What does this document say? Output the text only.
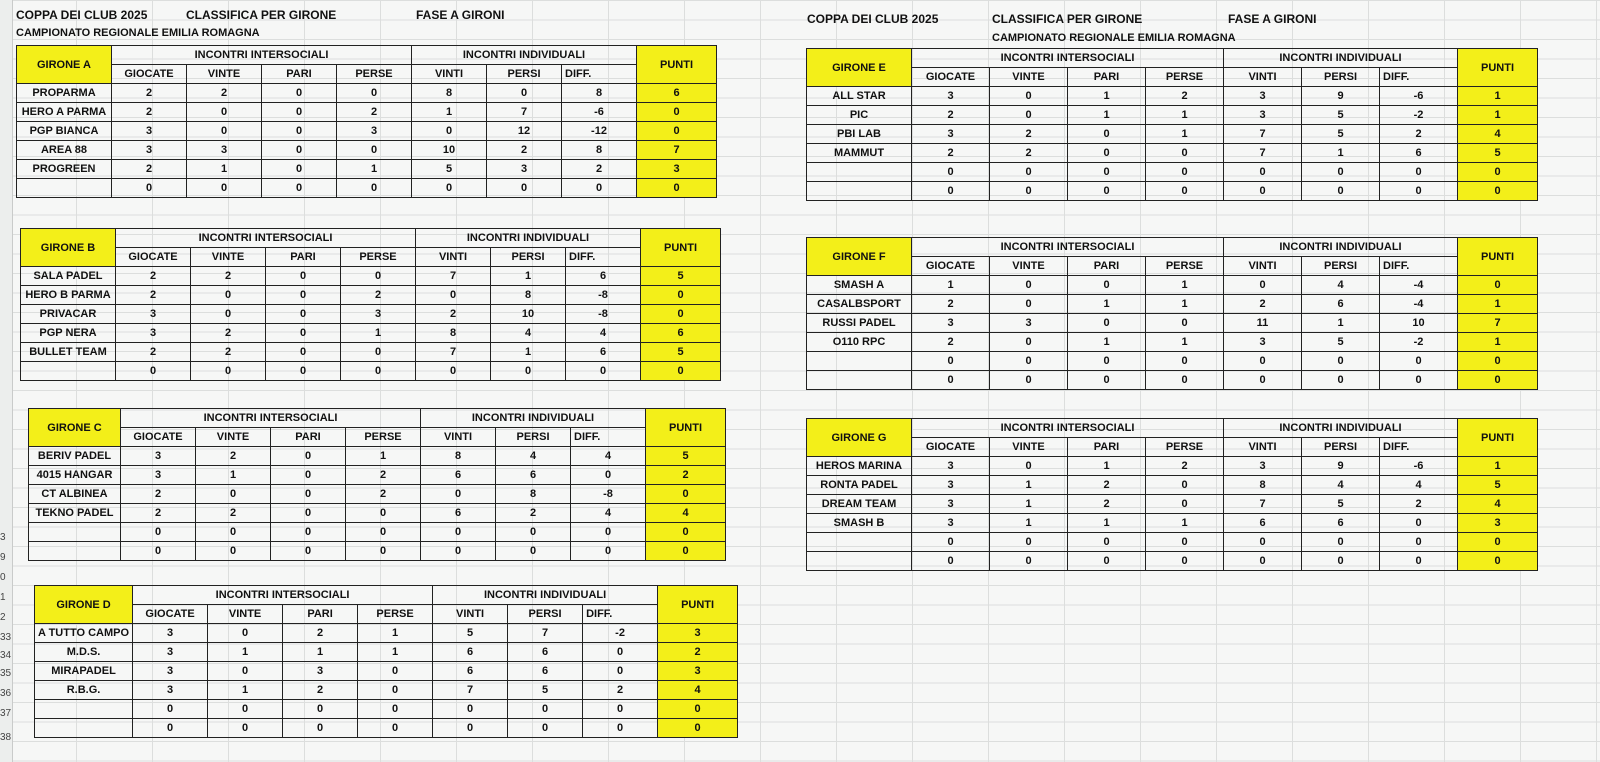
3
9
0
1
2
33
34
35
36
37
38
COPPA DEI CLUB 2025	CLASSIFICA PER GIRONE	FASE A GIRONI
CAMPIONATO REGIONALE EMILIA ROMAGNA
COPPA DEI CLUB 2025	CLASSIFICA PER GIRONE	FASE A GIRONI
CAMPIONATO REGIONALE EMILIA ROMAGNA
GIRONE A	INCONTRI INTERSOCIALI				INCONTRI INDIVIDUALI			PUNTI
	GIOCATE	VINTE	PARI	PERSE	VINTI	PERSI	DIFF.	
PROPARMA	2	2	0	0	8	0	8	6
HERO A PARMA	2	0	0	2	1	7	-6	0
PGP BIANCA	3	0	0	3	0	12	-12	0
AREA 88	3	3	0	0	10	2	8	7
PROGREEN	2	1	0	1	5	3	2	3
	0	0	0	0	0	0	0	0
GIRONE B	INCONTRI INTERSOCIALI				INCONTRI INDIVIDUALI			PUNTI
	GIOCATE	VINTE	PARI	PERSE	VINTI	PERSI	DIFF.	
SALA PADEL	2	2	0	0	7	1	6	5
HERO B PARMA	2	0	0	2	0	8	-8	0
PRIVACAR	3	0	0	3	2	10	-8	0
PGP NERA	3	2	0	1	8	4	4	6
BULLET TEAM	2	2	0	0	7	1	6	5
	0	0	0	0	0	0	0	0
GIRONE C	INCONTRI INTERSOCIALI				INCONTRI INDIVIDUALI			PUNTI
	GIOCATE	VINTE	PARI	PERSE	VINTI	PERSI	DIFF.	
BERIV PADEL	3	2	0	1	8	4	4	5
4015 HANGAR	3	1	0	2	6	6	0	2
CT ALBINEA	2	0	0	2	0	8	-8	0
TEKNO PADEL	2	2	0	0	6	2	4	4
	0	0	0	0	0	0	0	0
	0	0	0	0	0	0	0	0
GIRONE D	INCONTRI INTERSOCIALI				INCONTRI INDIVIDUALI			PUNTI
	GIOCATE	VINTE	PARI	PERSE	VINTI	PERSI	DIFF.	
A TUTTO CAMPO	3	0	2	1	5	7	-2	3
M.D.S.	3	1	1	1	6	6	0	2
MIRAPADEL	3	0	3	0	6	6	0	3
R.B.G.	3	1	2	0	7	5	2	4
	0	0	0	0	0	0	0	0
	0	0	0	0	0	0	0	0
GIRONE E	INCONTRI INTERSOCIALI				INCONTRI INDIVIDUALI			PUNTI
	GIOCATE	VINTE	PARI	PERSE	VINTI	PERSI	DIFF.	
ALL STAR	3	0	1	2	3	9	-6	1
PIC	2	0	1	1	3	5	-2	1
PBI LAB	3	2	0	1	7	5	2	4
MAMMUT	2	2	0	0	7	1	6	5
	0	0	0	0	0	0	0	0
	0	0	0	0	0	0	0	0
GIRONE F	INCONTRI INTERSOCIALI				INCONTRI INDIVIDUALI			PUNTI
	GIOCATE	VINTE	PARI	PERSE	VINTI	PERSI	DIFF.	
SMASH A	1	0	0	1	0	4	-4	0
CASALBSPORT	2	0	1	1	2	6	-4	1
RUSSI PADEL	3	3	0	0	11	1	10	7
O110 RPC	2	0	1	1	3	5	-2	1
	0	0	0	0	0	0	0	0
	0	0	0	0	0	0	0	0
GIRONE G	INCONTRI INTERSOCIALI				INCONTRI INDIVIDUALI			PUNTI
	GIOCATE	VINTE	PARI	PERSE	VINTI	PERSI	DIFF.	
HEROS MARINA	3	0	1	2	3	9	-6	1
RONTA PADEL	3	1	2	0	8	4	4	5
DREAM TEAM	3	1	2	0	7	5	2	4
SMASH B	3	1	1	1	6	6	0	3
	0	0	0	0	0	0	0	0
	0	0	0	0	0	0	0	0
